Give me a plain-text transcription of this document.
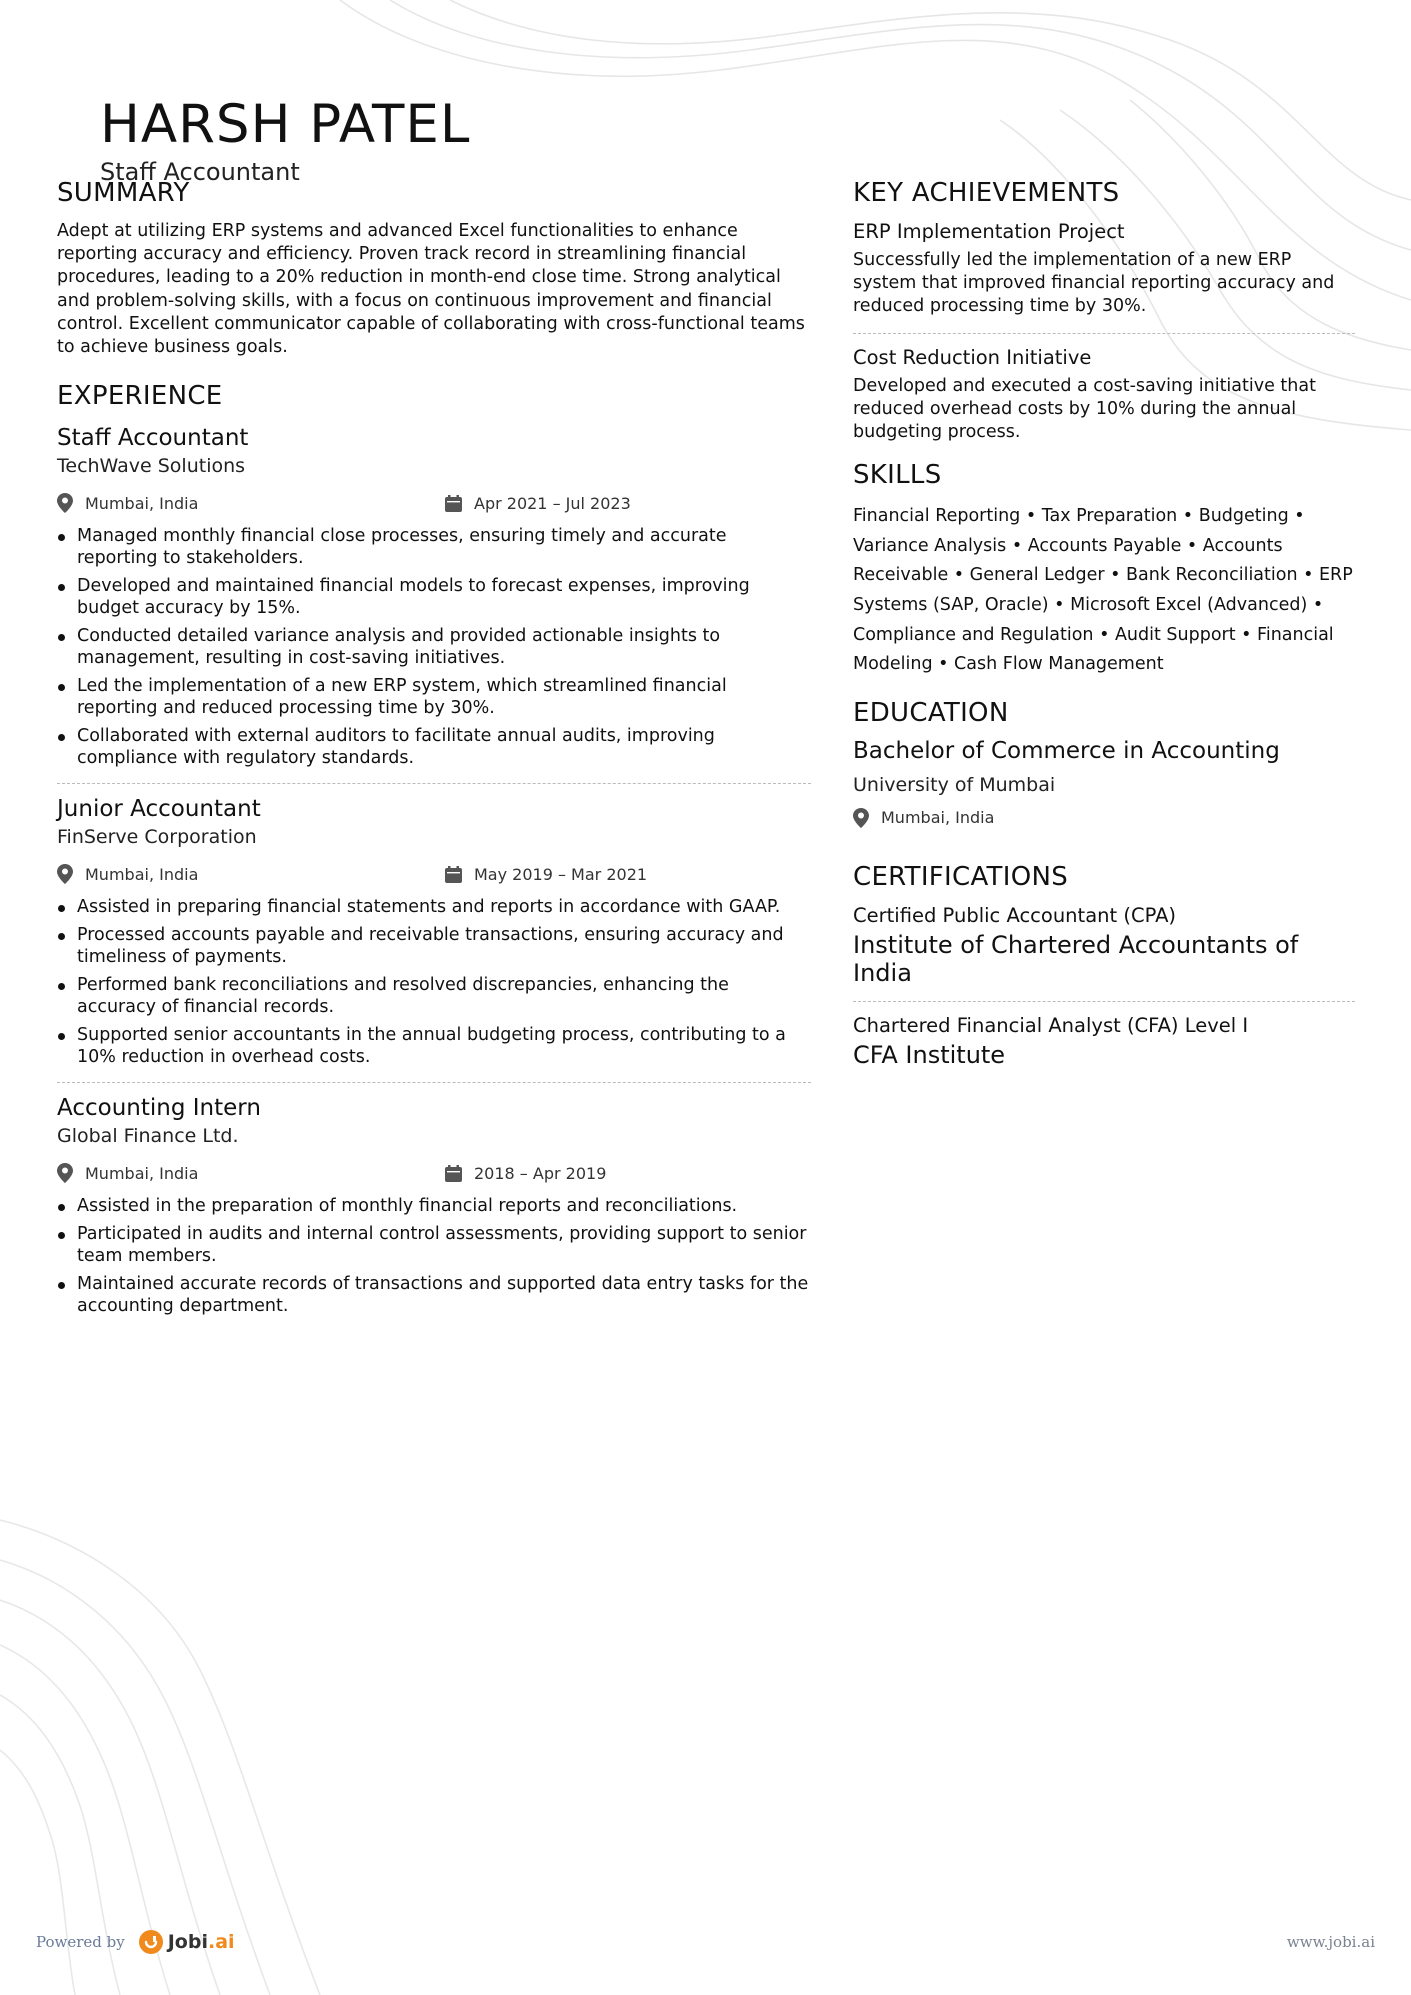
HARSH PATEL
Staff Accountant
SUMMARY

Adept at utilizing ERP systems and advanced Excel functionalities to enhance reporting accuracy and efficiency. Proven track record in streamlining financial procedures, leading to a 20% reduction in month-end close time. Strong analytical and problem-solving skills, with a focus on continuous improvement and financial control. Excellent communicator capable of collaborating with cross-functional teams to achieve business goals.

EXPERIENCE
Staff Accountant
TechWave Solutions
Mumbai, India	Apr 2021 – Jul 2023
Managed monthly financial close processes, ensuring timely and accurate reporting to stakeholders.
Developed and maintained financial models to forecast expenses, improving budget accuracy by 15%.
Conducted detailed variance analysis and provided actionable insights to management, resulting in cost-saving initiatives.
Led the implementation of a new ERP system, which streamlined financial reporting and reduced processing time by 30%.
Collaborated with external auditors to facilitate annual audits, improving compliance with regulatory standards.
Junior Accountant
FinServe Corporation
Mumbai, India	May 2019 – Mar 2021
Assisted in preparing financial statements and reports in accordance with GAAP.
Processed accounts payable and receivable transactions, ensuring accuracy and timeliness of payments.
Performed bank reconciliations and resolved discrepancies, enhancing the accuracy of financial records.
Supported senior accountants in the annual budgeting process, contributing to a 10% reduction in overhead costs.
Accounting Intern
Global Finance Ltd.
Mumbai, India	2018 – Apr 2019
Assisted in the preparation of monthly financial reports and reconciliations.
Participated in audits and internal control assessments, providing support to senior team members.
Maintained accurate records of transactions and supported data entry tasks for the accounting department.
KEY ACHIEVEMENTS
ERP Implementation Project

Successfully led the implementation of a new ERP system that improved financial reporting accuracy and reduced processing time by 30%.

Cost Reduction Initiative

Developed and executed a cost-saving initiative that reduced overhead costs by 10% during the annual budgeting process.

SKILLS

Financial Reporting • Tax Preparation • Budgeting • Variance Analysis • Accounts Payable • Accounts Receivable • General Ledger • Bank Reconciliation • ERP Systems (SAP, Oracle) • Microsoft Excel (Advanced) • Compliance and Regulation • Audit Support • Financial Modeling • Cash Flow Management

EDUCATION
Bachelor of Commerce in Accounting
University of Mumbai
Mumbai, India
CERTIFICATIONS
Certified Public Accountant (CPA)
Institute of Chartered Accountants of India
Chartered Financial Analyst (CFA) Level I
CFA Institute
Powered by Jobi .ai	www.jobi.ai
